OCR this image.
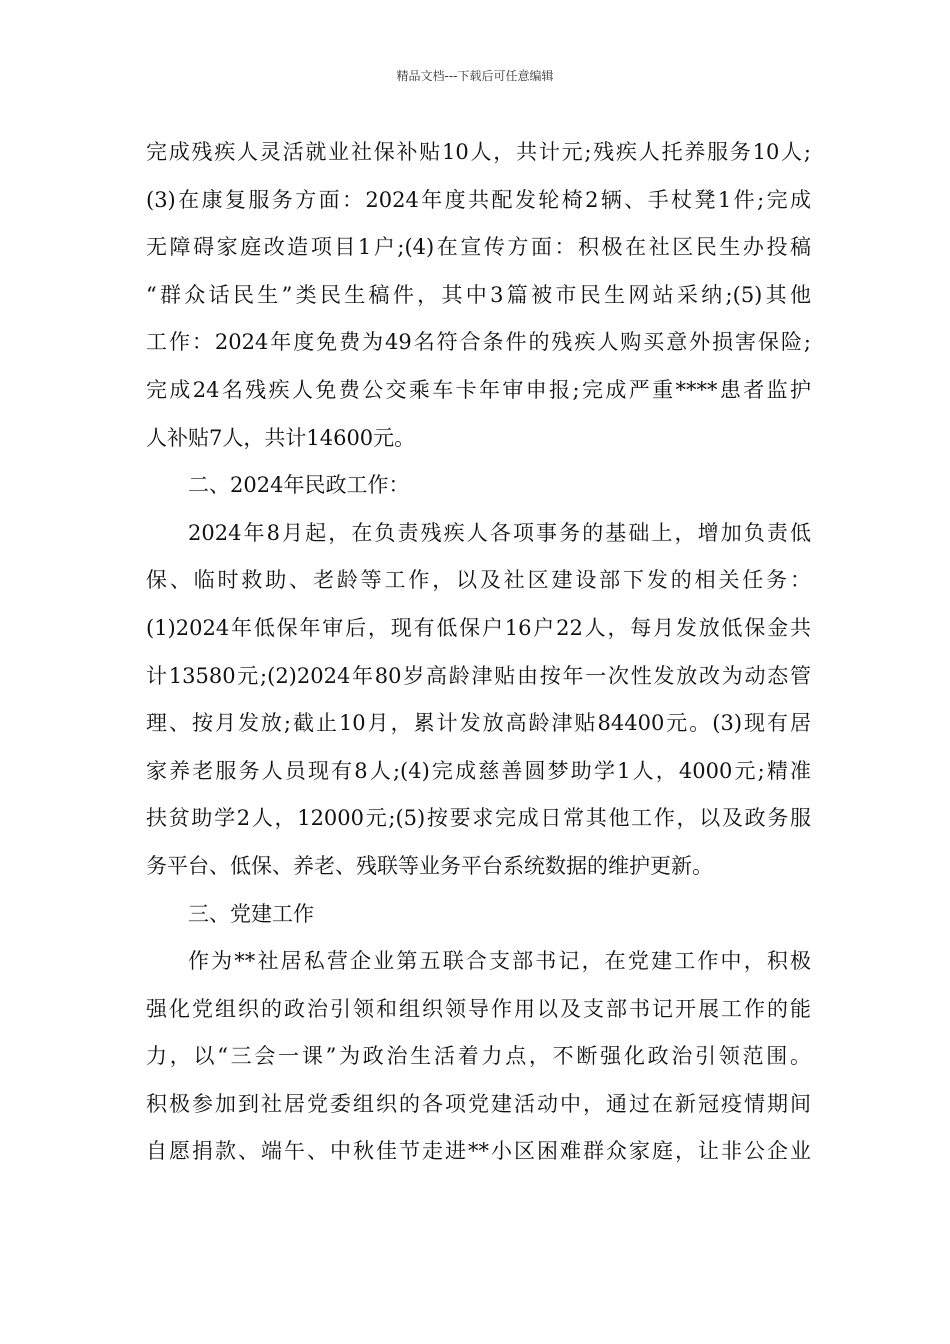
精品文档---下载后可任意编辑
完成残疾人灵活就业社保补贴10人，共计元;残疾人托养服务10人;
(3)在康复服务方面：2024年度共配发轮椅2辆、手杖凳1件;完成
无障碍家庭改造项目1户;(4)在宣传方面：积极在社区民生办投稿
“群众话民生”类民生稿件，其中3篇被市民生网站采纳;(5)其他
工作：2024年度免费为49名符合条件的残疾人购买意外损害保险;
完成24名残疾人免费公交乘车卡年审申报;完成严重****患者监护
人补贴7人，共计14600元。
二、2024年民政工作：
2024年8月起，在负责残疾人各项事务的基础上，增加负责低
保、临时救助、老龄等工作，以及社区建设部下发的相关任务：
(1)2024年低保年审后，现有低保户16户22人，每月发放低保金共
计13580元;(2)2024年80岁高龄津贴由按年一次性发放改为动态管
理、按月发放;截止10月，累计发放高龄津贴84400元。(3)现有居
家养老服务人员现有8人;(4)完成慈善圆梦助学1人，4000元;精准
扶贫助学2人，12000元;(5)按要求完成日常其他工作，以及政务服
务平台、低保、养老、残联等业务平台系统数据的维护更新。
三、党建工作
作为**社居私营企业第五联合支部书记，在党建工作中，积极
强化党组织的政治引领和组织领导作用以及支部书记开展工作的能
力，以“三会一课”为政治生活着力点，不断强化政治引领范围。
积极参加到社居党委组织的各项党建活动中，通过在新冠疫情期间
自愿捐款、端午、中秋佳节走进**小区困难群众家庭，让非公企业
